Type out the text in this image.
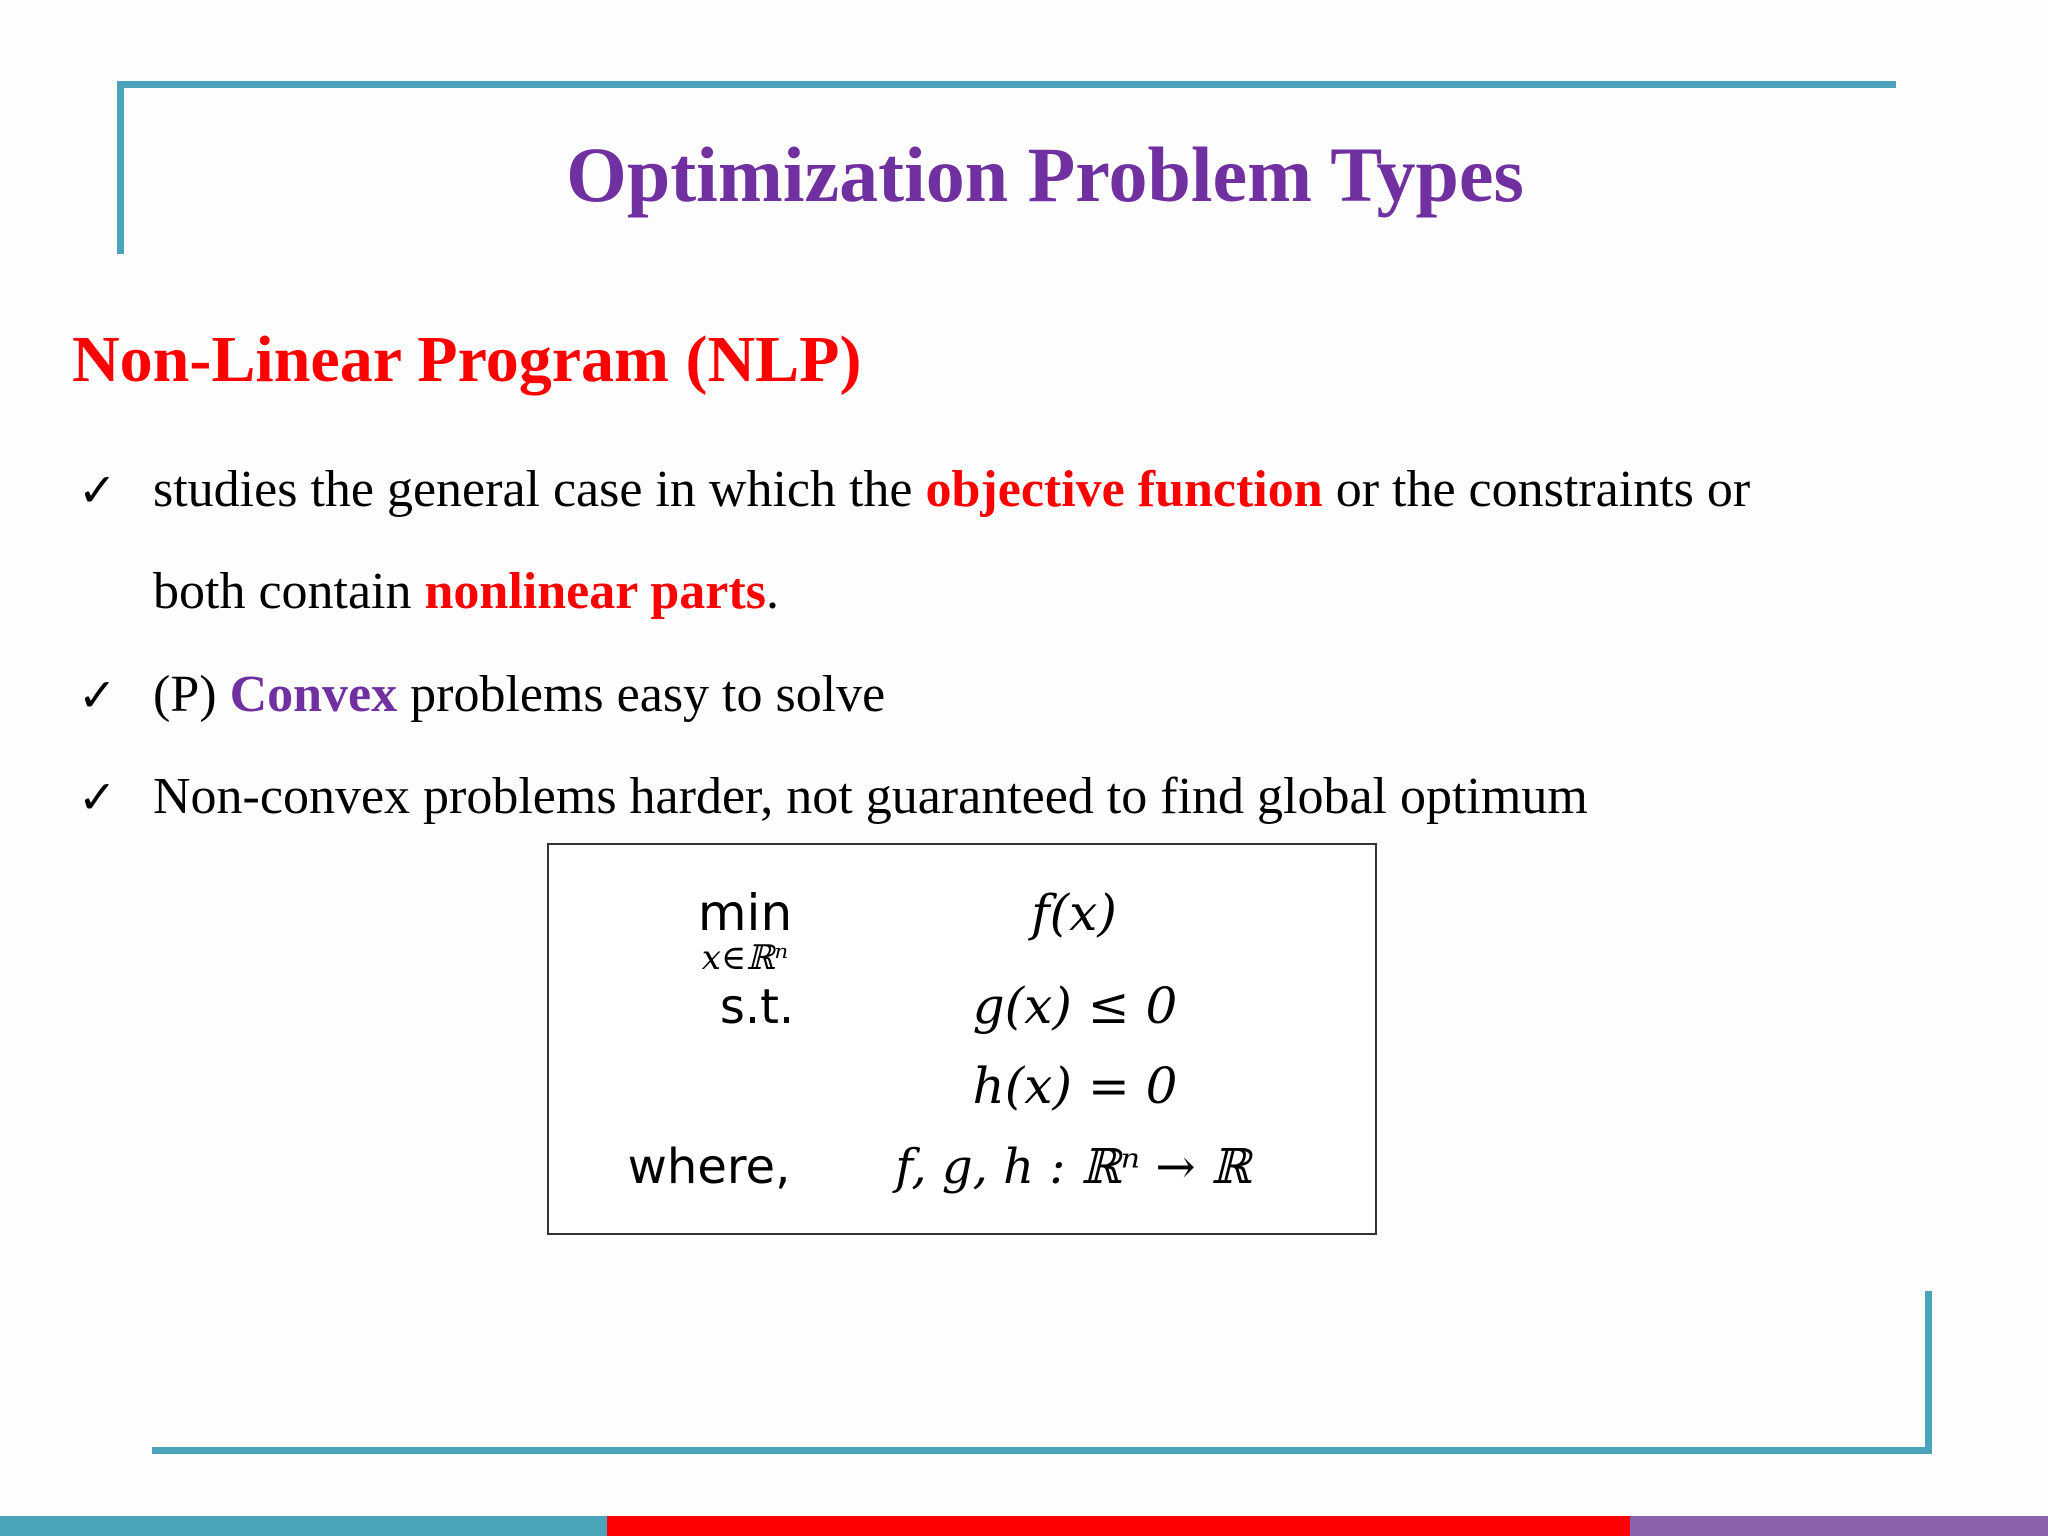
Optimization Problem Types
Non-Linear Program (NLP)
✓ studies the general case in which the objective function or the constraints or

both contain nonlinear parts.

✓ (P) Convex problems easy to solve

✓ Non-convex problems harder, not guaranteed to find global optimum

min
x∈ℝⁿ
f(x)
s.t.	g(x) ≤ 0
h(x) = 0
where, f, g, h : ℝⁿ → ℝ
